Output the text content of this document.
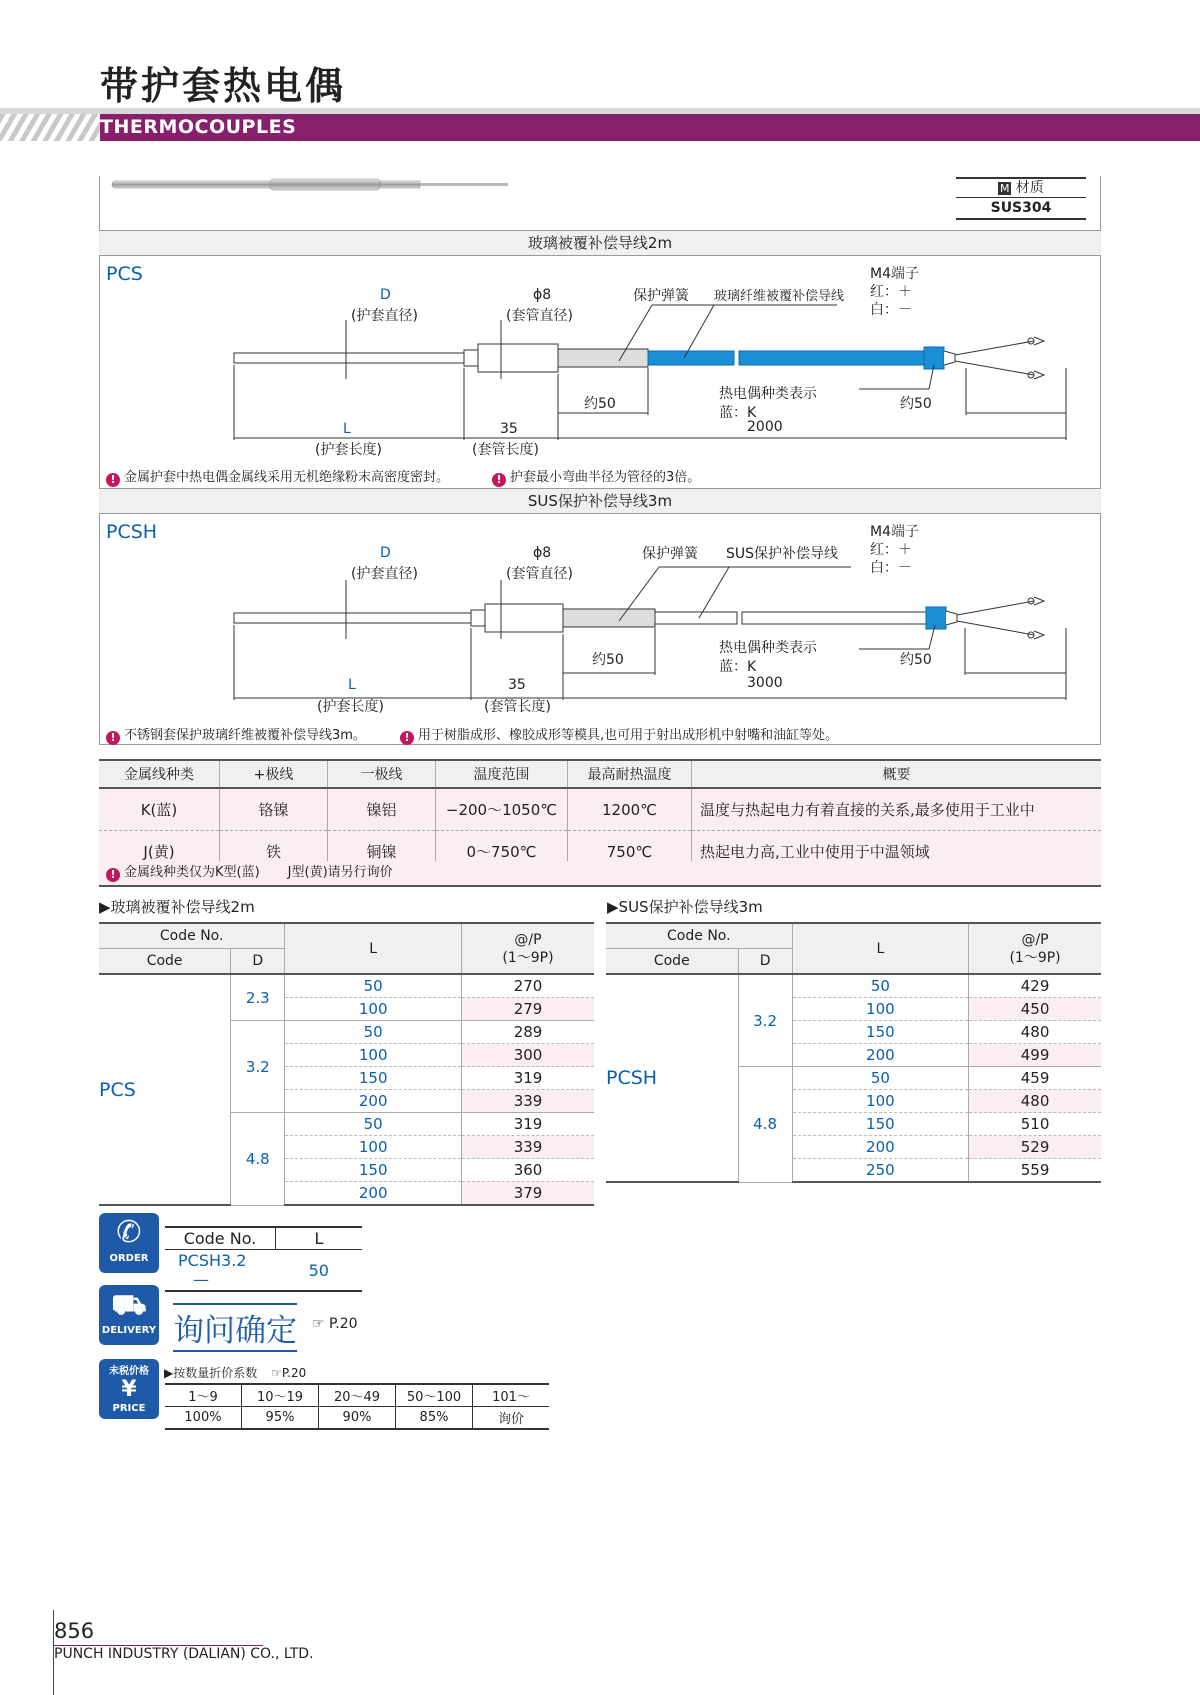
带护套热电偶
THERMOCOUPLES
M 材质
SUS304
玻璃被覆补偿导线2m
PCS
D
(护套直径)
ϕ8
(套管直径)
保护弹簧 玻璃纤维被覆补偿导线
M4端子
红：＋
白：－
约50	约50
热电偶种类表示
蓝：K
2000
L
(护套长度)
35
(套管长度)
! 金属护套中热电偶金属线采用无机绝缘粉末高密度密封。	! 护套最小弯曲半径为管径的3倍。
SUS保护补偿导线3m
PCSH
D
(护套直径)
ϕ8
(套管直径)
保护弹簧 SUS保护补偿导线
M4端子
红：＋
白：－
约50	约50
热电偶种类表示
蓝：K
3000
L
(护套长度)
35
(套管长度)
! 不锈钢套保护玻璃纤维被覆补偿导线3m。	! 用于树脂成形、橡胶成形等模具,也可用于射出成形机中射嘴和油缸等处。
金属线种类	+极线	一极线	温度范围	最高耐热温度	概要
K(蓝)	铬镍	镍铝	−200～1050℃	1200℃	温度与热起电力有着直接的关系,最多使用于工业中
J(黄)	铁	铜镍	0～750℃	750℃	热起电力高,工业中使用于中温领域
! 金属线种类仅为K型(蓝) J型(黄)请另行询价
▶玻璃被覆补偿导线2m	▶SUS保护补偿导线3m
Code No.		L	@/P
(1～9P)
Code	D		
PCS	2.3	50	270
		100	279
	3.2	50	289
		100	300
		150	319
		200	339
	4.8	50	319
		100	339
		150	360
		200	379
Code No.		L	@/P
(1～9P)
Code	D		
PCSH	3.2	50	429
		100	450
		150	480
		200	499
	4.8	50	459
		100	480
		150	510
		200	529
		250	559
✆
ORDER
Code No.	L
PCSH3.2 —	50
⛟
DELIVERY 询问确定 ☞ P.20
未税价格
¥
PRICE
▶按数量折价系数 ☞P.20
1～9	10～19	20～49	50～100	101～
100%	95%	90%	85%	询价
856
PUNCH INDUSTRY (DALIAN) CO., LTD.
